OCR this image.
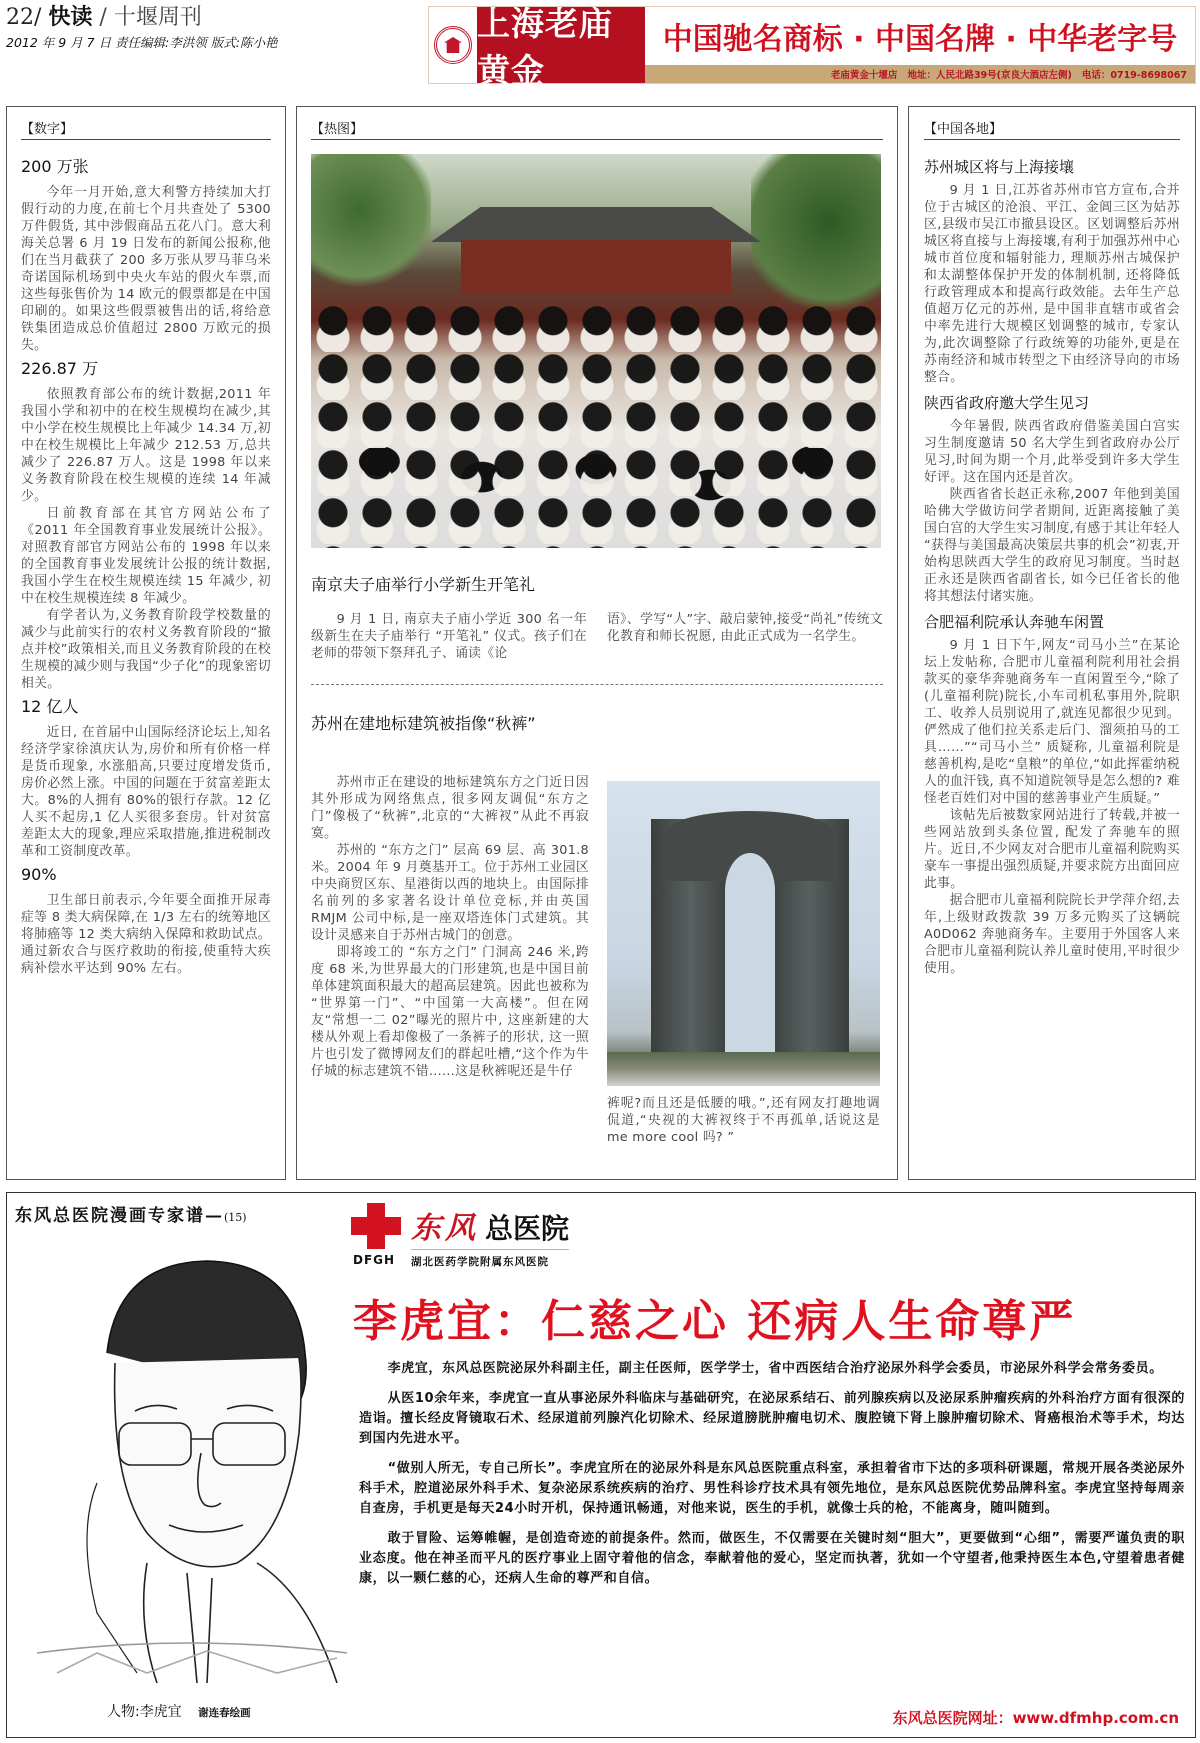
22/ 快读 / 十堰周刊
2012 年 9 月 7 日 责任编辑:李洪领 版式:陈小艳	上海老庙黄金
中国驰名商标 · 中国名牌 · 中华老字号
老庙黄金十堰店 地址：人民北路39号(京良大酒店左侧) 电话：0719-8698067
【数字】
200 万张

今年一月开始,意大利警方持续加大打假行动的力度,在前七个月共查处了 5300 万件假货, 其中涉假商品五花八门。意大利海关总署 6 月 19 日发布的新闻公报称,他们在当月截获了 200 多万张从罗马菲乌米奇诺国际机场到中央火车站的假火车票,而这些每张售价为 14 欧元的假票都是在中国印刷的。如果这些假票被售出的话,将给意铁集团造成总价值超过 2800 万欧元的损失。

226.87 万

依照教育部公布的统计数据,2011 年我国小学和初中的在校生规模均在减少,其中小学在校生规模比上年减少 14.34 万,初中在校生规模比上年减少 212.53 万,总共减少了 226.87 万人。这是 1998 年以来义务教育阶段在校生规模的连续 14 年减少。

日前教育部在其官方网站公布了《2011 年全国教育事业发展统计公报》。对照教育部官方网站公布的 1998 年以来的全国教育事业发展统计公报的统计数据,我国小学生在校生规模连续 15 年减少, 初中在校生规模连续 8 年减少。

有学者认为,义务教育阶段学校数量的减少与此前实行的农村义务教育阶段的“撤点并校”政策相关,而且义务教育阶段的在校生规模的减少则与我国“少子化”的现象密切相关。

12 亿人

近日, 在首届中山国际经济论坛上,知名经济学家徐滇庆认为,房价和所有价格一样是货币现象, 水涨船高,只要过度增发货币,房价必然上涨。中国的问题在于贫富差距太大。8%的人拥有 80%的银行存款。12 亿人买不起房,1 亿人买很多套房。针对贫富差距太大的现象,理应采取措施,推进税制改革和工资制度改革。

90%

卫生部日前表示,今年要全面推开尿毒症等 8 类大病保障,在 1/3 左右的统筹地区将肺癌等 12 类大病纳入保障和救助试点。通过新农合与医疗救助的衔接,使重特大疾病补偿水平达到 90% 左右。

【热图】
南京夫子庙举行小学新生开笔礼

9 月 1 日, 南京夫子庙小学近 300 名一年级新生在夫子庙举行 “开笔礼” 仪式。孩子们在老师的带领下祭拜孔子、诵读《论

语》、学写“人”字、敲启蒙钟,接受“尚礼”传统文化教育和师长祝愿, 由此正式成为一名学生。

苏州在建地标建筑被指像“秋裤”

苏州市正在建设的地标建筑东方之门近日因其外形成为网络焦点, 很多网友调侃“东方之门”像极了“秋裤”,北京的“大裤衩”从此不再寂寞。

苏州的 “东方之门” 层高 69 层、高 301.8 米。2004 年 9 月奠基开工。位于苏州工业园区中央商贸区东、星港街以西的地块上。由国际排名前列的多家著名设计单位竞标,并由英国 RMJM 公司中标,是一座双塔连体门式建筑。其设计灵感来自于苏州古城门的创意。

即将竣工的 “东方之门” 门洞高 246 米,跨度 68 米,为世界最大的门形建筑,也是中国目前单体建筑面积最大的超高层建筑。因此也被称为 “世界第一门”、“中国第一大高楼”。但在网友“常想一二 02”曝光的照片中, 这座新建的大楼从外观上看却像极了一条裤子的形状, 这一照片也引发了微博网友们的群起吐槽,“这个作为牛仔城的标志建筑不错……这是秋裤呢还是牛仔

裤呢?而且还是低腰的哦。”,还有网友打趣地调侃道,“央视的大裤衩终于不再孤单,话说这是 me more cool 吗? ”

【中国各地】
苏州城区将与上海接壤

9 月 1 日,江苏省苏州市官方宣布,合并位于古城区的沧浪、平江、金阊三区为姑苏区,县级市吴江市撤县设区。区划调整后苏州城区将直接与上海接壤,有利于加强苏州中心城市首位度和辐射能力, 理顺苏州古城保护和太湖整体保护开发的体制机制, 还将降低行政管理成本和提高行政效能。去年生产总值超万亿元的苏州, 是中国非直辖市或省会中率先进行大规模区划调整的城市, 专家认为,此次调整除了行政统筹的功能外,更是在苏南经济和城市转型之下由经济导向的市场整合。

陕西省政府邀大学生见习

今年暑假, 陕西省政府借鉴美国白宫实习生制度邀请 50 名大学生到省政府办公厅见习,时间为期一个月,此举受到许多大学生好评。这在国内还是首次。

陕西省省长赵正永称,2007 年他到美国哈佛大学做访问学者期间, 近距离接触了美国白宫的大学生实习制度,有感于其让年轻人 “获得与美国最高决策层共事的机会”初衷,开始构思陕西大学生的政府见习制度。当时赵正永还是陕西省副省长, 如今已任省长的他将其想法付诸实施。

合肥福利院承认奔驰车闲置

9 月 1 日下午,网友“司马小兰”在某论坛上发帖称, 合肥市儿童福利院利用社会捐款买的豪华奔驰商务车一直闲置至今,“除了(儿童福利院)院长,小车司机私事用外,院职工、收养人员别说用了,就连见都很少见到。俨然成了他们拉关系走后门、溜须拍马的工具……”“司马小兰” 质疑称, 儿童福利院是慈善机构,是吃“皇粮”的单位,“如此挥霍纳税人的血汗钱, 真不知道院领导是怎么想的? 难怪老百姓们对中国的慈善事业产生质疑。”

该帖先后被数家网站进行了转载,并被一些网站放到头条位置, 配发了奔驰车的照片。近日,不少网友对合肥市儿童福利院购买豪车一事提出强烈质疑,并要求院方出面回应此事。

据合肥市儿童福利院院长尹学萍介绍,去年,上级财政拨款 39 万多元购买了这辆皖 A0D062 奔驰商务车。主要用于外国客人来合肥市儿童福利院认养儿童时使用,平时很少使用。

东风总医院漫画专家谱—(15)
人物:李虎宜 谢连春绘画
东风 总医院
湖北医药学院附属东风医院
DFGH
李虎宜：仁慈之心 还病人生命尊严

李虎宜，东风总医院泌尿外科副主任，副主任医师，医学学士，省中西医结合治疗泌尿外科学会委员，市泌尿外科学会常务委员。

从医10余年来，李虎宜一直从事泌尿外科临床与基础研究，在泌尿系结石、前列腺疾病以及泌尿系肿瘤疾病的外科治疗方面有很深的造诣。擅长经皮肾镜取石术、经尿道前列腺汽化切除术、经尿道膀胱肿瘤电切术、腹腔镜下肾上腺肿瘤切除术、肾癌根治术等手术，均达到国内先进水平。

“做别人所无，专自己所长”。李虎宜所在的泌尿外科是东风总医院重点科室，承担着省市下达的多项科研课题，常规开展各类泌尿外科手术，腔道泌尿外科手术、复杂泌尿系统疾病的治疗、男性科诊疗技术具有领先地位，是东风总医院优势品牌科室。李虎宜坚持每周亲自查房，手机更是每天24小时开机，保持通讯畅通，对他来说，医生的手机，就像士兵的枪，不能离身，随叫随到。

敢于冒险、运筹帷幄，是创造奇迹的前提条件。然而，做医生，不仅需要在关键时刻“胆大”，更要做到“心细”，需要严谨负责的职业态度。他在神圣而平凡的医疗事业上固守着他的信念，奉献着他的爱心，坚定而执著，犹如一个守望者,他秉持医生本色,守望着患者健康，以一颗仁慈的心，还病人生命的尊严和自信。

东风总医院网址：www.dfmhp.com.cn
